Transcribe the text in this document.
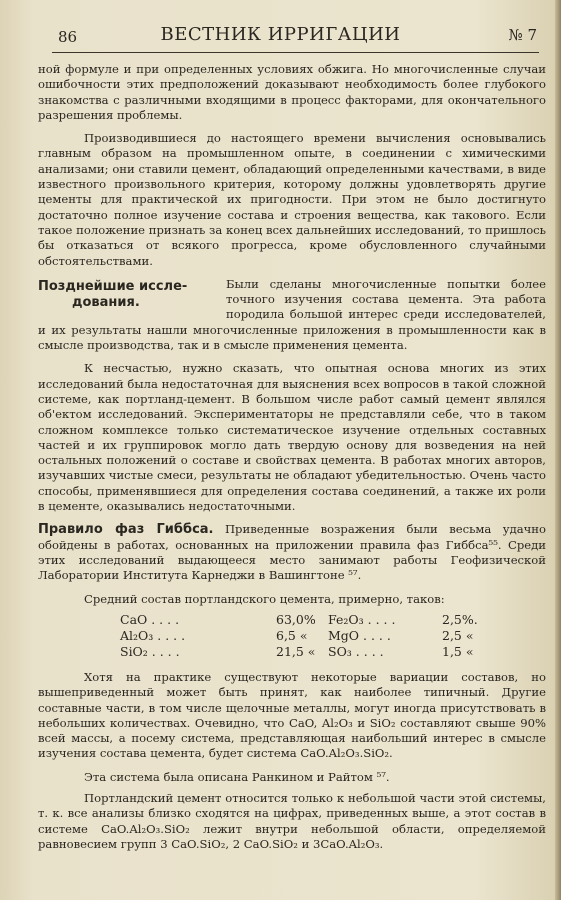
86	ВЕСТНИК ИРРИГАЦИИ	№ 7

ной формуле и при определенных условиях обжига. Но многочисленные случаи ошибочности этих предположений доказывают необходимость более глубокого знакомства с различными входящими в процесс факторами, для окончательного разрешения проблемы.

Производившиеся до настоящего времени вычисления основывались главным образом на промышленном опыте, в соединении с химическими анализами; они ставили цемент, обладающий определенными качествами, в виде известного произвольного критерия, которому должны удовлетворять другие цементы для практической их пригодности. При этом не было достигнуто достаточно полное изучение состава и строения вещества, как такового. Если такое положение признать за конец всех дальнейших исследований, то пришлось бы отказаться от всякого прогресса, кроме обусловленного случайными обстоятельствами.

Позднейшие иссле-
дования.

Были сделаны многочисленные попытки более точного изучения состава цемента. Эта работа породила большой интерес среди исследователей, и их результаты нашли многочисленные приложения в промышленности как в смысле производства, так и в смысле применения цемента.

К несчастью, нужно сказать, что опытная основа многих из этих исследований была недостаточная для выяснения всех вопросов в такой сложной системе, как портланд-цемент. В большом числе работ самый цемент являлся об'ектом исследований. Экспериментаторы не представляли себе, что в таком сложном комплексе только систематическое изучение отдельных составных частей и их группировок могло дать твердую основу для возведения на ней остальных положений о составе и свойствах цемента. В работах многих авторов, изучавших чистые смеси, результаты не обладают убедительностью. Очень часто способы, применявшиеся для определения состава соединений, а также их роли в цементе, оказывались недостаточными.

Правило фаз Гиббса. Приведенные возражения были весьма удачно обойдены в работах, основанных на приложении правила фаз Гиббса⁵⁵. Среди этих исследований выдающееся место занимают работы Геофизической Лаборатории Института Карнеджи в Вашингтоне ⁵⁷.

Средний состав портландского цемента, примерно, таков:

CaO . . . .	63,0% Fe₂O₃ . . . .	2,5%.
Al₂O₃ . . . .	6,5 « MgO . . . .	2,5 «
SiO₂ . . . .	21,5 « SO₃ . . . .	1,5 «

Хотя на практике существуют некоторые вариации составов, но вышеприведенный может быть принят, как наиболее типичный. Другие составные части, в том числе щелочные металлы, могут иногда присутствовать в небольших количествах. Очевидно, что CaO, Al₂O₃ и SiO₂ составляют свыше 90% всей массы, а посему система, представляющая наибольший интерес в смысле изучения состава цемента, будет система CaO.Al₂O₃.SiO₂.

Эта система была описана Ранкином и Райтом ⁵⁷.

Портландский цемент относится только к небольшой части этой системы, т. к. все анализы близко сходятся на цифрах, приведенных выше, а этот состав в системе CaO.Al₂O₃.SiO₂ лежит внутри небольшой области, определяемой равновесием групп 3 CaO.SiO₂, 2 CaO.SiO₂ и 3CaO.Al₂O₃.
